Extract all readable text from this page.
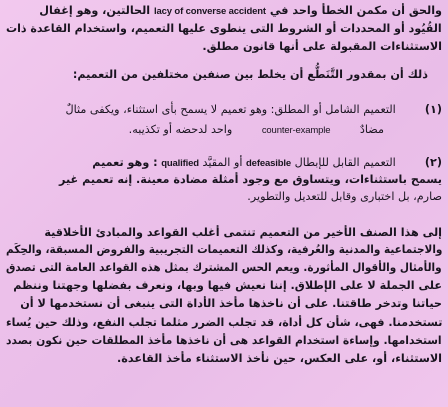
والحق أن مكمن الخطأ واحد في lacy of converse accident الحالتين، وهو إغفال
القُيُود أو المحددات أو الشروط التى ينطوى عليها التعميم، واستخدام القاعدة ذات
الاستثناءات المقبولة على أنها قانون مطلق.
ذلك أن بمقدور التَّنَطُّع أن يخلط بين صنفين مختلفين من التعميم:
(١)  التعميم الشامل أو المطلق: وهو تعميم لا يسمح بأى استثناء، ويكفى مثالٌ
مضادٌ counter-example واحد لدحضه أو تكذيبه.
(٢)  التعميم القابل للإبطال defeasible أو المقيَّد qualified : وهو تعميم
يسمح باستثناءات، ويتساوق مع وجود أمثلة مضادة معينة. إنه تعميم غير
صارم، بل اختبارى وقابل للتعديل والتطوير.
إلى هذا الصنف الأخير من التعميم تنتمى أغلب القواعد والمبادئ الأخلاقية
والاجتماعية والمدنية والعُرفية، وكذلك التعميمات التجريبية والفروض المسبقة، والحِكَم
والأمثال والأقوال المأثورة. ويعم الحس المشترك بمثل هذه القواعد العامة التى تصدق
على الجملة لا على الإطلاق. إننا نعيش فيها وبها، ونعرف بفضلها وجهتنا وننظم
حياتنا وتدخر طاقتنا. على أن ناخذها مأخذ الأداة التى ينبغى أن نستخدمها لا أن
تستخدمنا. فهى، شأن كل أداة، قد تجلب الضرر مثلما تجلب النفع، وذلك حين يُساء
استخدامها. وإساءة استخدام القواعد هى أن ناخذها مأخذ المطلقات حين نكون بصدد
الاستثناء، أو، على العكس، حين نأخذ الاستثناء مأخذ القاعدة.
